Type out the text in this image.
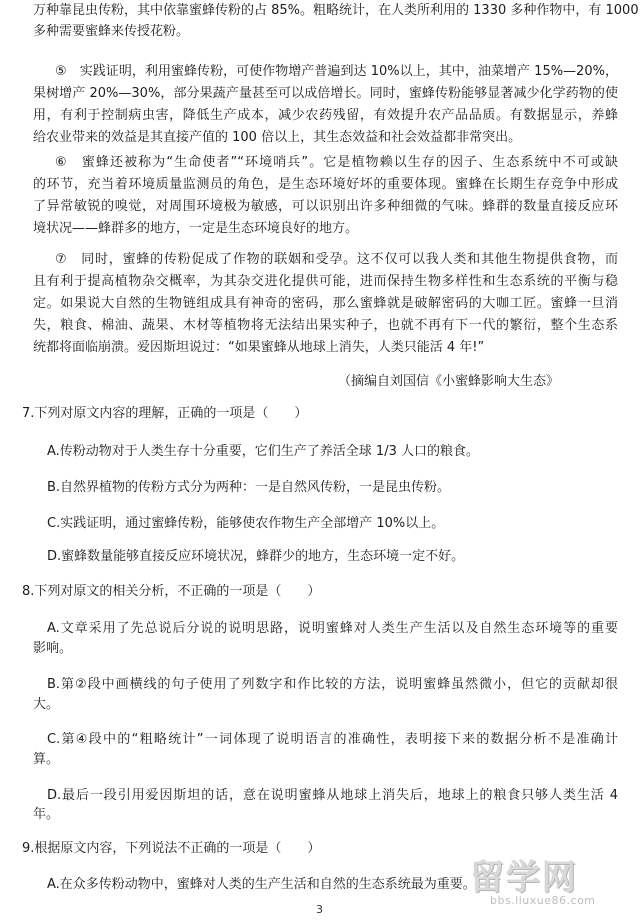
万种靠昆虫传粉，其中依靠蜜蜂传粉的占 85%。粗略统计，在人类所利用的 1330 多种作物中，有 1000
多种需要蜜蜂来传授花粉。
⑤　实践证明，利用蜜蜂传粉，可使作物增产普遍到达 10%以上，其中，油菜增产 15%—20%，
果树增产 20%—30%，部分果蔬产量甚至可以成倍增长。同时，蜜蜂传粉能够显著减少化学药物的使
用，有利于控制病虫害，降低生产成本，减少农药残留，有效提升农产品品质。有数据显示，养蜂
给农业带来的效益是其直接产值的 100 倍以上，其生态效益和社会效益都非常突出。
⑥　蜜蜂还被称为“生命使者”“环境哨兵”。它是植物赖以生存的因子、生态系统中不可或缺
的环节，充当着环境质量监测员的角色，是生态环境好坏的重要体现。蜜蜂在长期生存竞争中形成
了异常敏锐的嗅觉，对周围环境极为敏感，可以识别出许多种细微的气味。蜂群的数量直接反应环
境状况——蜂群多的地方，一定是生态环境良好的地方。
⑦　同时，蜜蜂的传粉促成了作物的联姻和受孕。这不仅可以我人类和其他生物提供食物，而
且有利于提高植物杂交概率，为其杂交进化提供可能，进而保持生物多样性和生态系统的平衡与稳
定。如果说大自然的生物链组成具有神奇的密码，那么蜜蜂就是破解密码的大咖工匠。蜜蜂一旦消
失，粮食、棉油、蔬果、木材等植物将无法结出果实种子，也就不再有下一代的繁衍，整个生态系
统都将面临崩溃。爱因斯坦说过：“如果蜜蜂从地球上消失，人类只能活 4 年!”
（摘编自刘国信《小蜜蜂影响大生态》
7.下列对原文内容的理解，正确的一项是（　　）
A.传粉动物对于人类生存十分重要，它们生产了养活全球 1/3 人口的粮食。
B.自然界植物的传粉方式分为两种：一是自然风传粉，一是昆虫传粉。
C.实践证明，通过蜜蜂传粉，能够使农作物生产全部增产 10%以上。
D.蜜蜂数量能够直接反应环境状况，蜂群少的地方，生态环境一定不好。
8.下列对原文的相关分析，不正确的一项是（　　）
A.文章采用了先总说后分说的说明思路，说明蜜蜂对人类生产生活以及自然生态环境等的重要
影响。
B.第②段中画横线的句子使用了列数字和作比较的方法，说明蜜蜂虽然微小，但它的贡献却很
大。
C.第④段中的“粗略统计”一词体现了说明语言的准确性，表明接下来的数据分析不是准确计
算。
D.最后一段引用爱因斯坦的话，意在说明蜜蜂从地球上消失后，地球上的粮食只够人类生活 4
年。
9.根据原文内容，下列说法不正确的一项是（　　）
A.在众多传粉动物中，蜜蜂对人类的生产生活和自然的生态系统最为重要。
3
留学网
bbs.liuxue86.com
